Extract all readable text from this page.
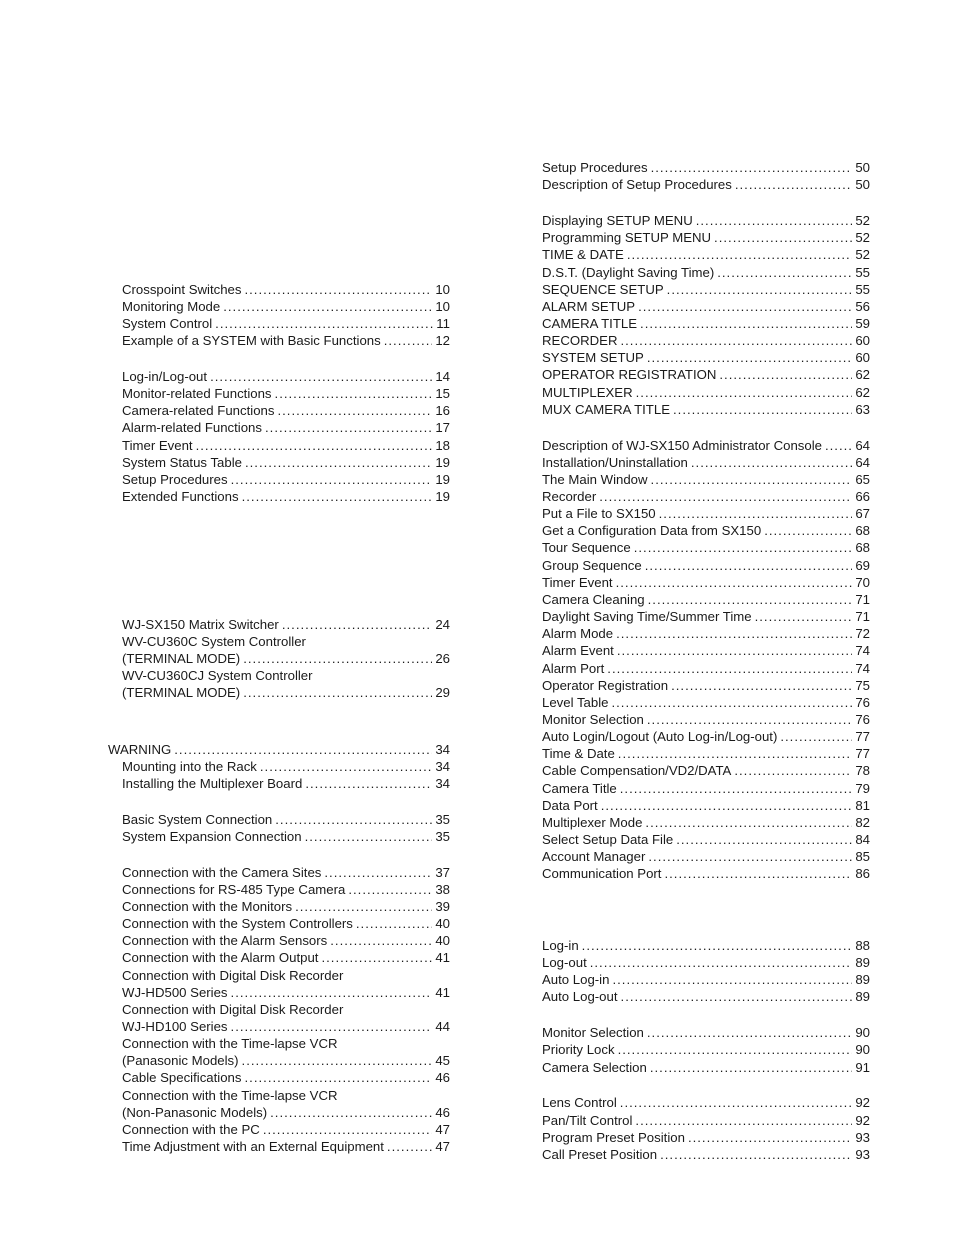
Crosspoint Switches .....	10
Monitoring Mode .....	10
System Control .....	11
Example of a SYSTEM with Basic Functions .....	12
Log-in/Log-out .....	14
Monitor-related Functions .....	15
Camera-related Functions .....	16
Alarm-related Functions .....	17
Timer Event .....	18
System Status Table .....	19
Setup Procedures .....	19
Extended Functions .....	19
WJ-SX150 Matrix Switcher .....	24
WV-CU360C System Controller
(TERMINAL MODE) .....	26
WV-CU360CJ System Controller
(TERMINAL MODE) .....	29
WARNING .....	34
Mounting into the Rack .....	34
Installing the Multiplexer Board .....	34
Basic System Connection .....	35
System Expansion Connection .....	35
Connection with the Camera Sites .....	37
Connections for RS-485 Type Camera .....	38
Connection with the Monitors .....	39
Connection with the System Controllers .....	40
Connection with the Alarm Sensors .....	40
Connection with the Alarm Output .....	41
Connection with Digital Disk Recorder
WJ-HD500 Series .....	41
Connection with Digital Disk Recorder
WJ-HD100 Series .....	44
Connection with the Time-lapse VCR
(Panasonic Models) .....	45
Cable Specifications .....	46
Connection with the Time-lapse VCR
(Non-Panasonic Models) .....	46
Connection with the PC .....	47
Time Adjustment with an External Equipment .....	47
Setup Procedures .....	50
Description of Setup Procedures .....	50
Displaying SETUP MENU .....	52
Programming SETUP MENU .....	52
TIME & DATE .....	52
D.S.T. (Daylight Saving Time) .....	55
SEQUENCE SETUP .....	55
ALARM SETUP .....	56
CAMERA TITLE .....	59
RECORDER .....	60
SYSTEM SETUP .....	60
OPERATOR REGISTRATION .....	62
MULTIPLEXER .....	62
MUX CAMERA TITLE .....	63
Description of WJ-SX150 Administrator Console .....	64
Installation/Uninstallation .....	64
The Main Window .....	65
Recorder .....	66
Put a File to SX150 .....	67
Get a Configuration Data from SX150 .....	68
Tour Sequence .....	68
Group Sequence .....	69
Timer Event .....	70
Camera Cleaning .....	71
Daylight Saving Time/Summer Time .....	71
Alarm Mode .....	72
Alarm Event .....	74
Alarm Port .....	74
Operator Registration .....	75
Level Table .....	76
Monitor Selection .....	76
Auto Login/Logout (Auto Log-in/Log-out) .....	77
Time & Date .....	77
Cable Compensation/VD2/DATA .....	78
Camera Title .....	79
Data Port .....	81
Multiplexer Mode .....	82
Select Setup Data File .....	84
Account Manager .....	85
Communication Port .....	86
Log-in .....	88
Log-out .....	89
Auto Log-in .....	89
Auto Log-out .....	89
Monitor Selection .....	90
Priority Lock .....	90
Camera Selection .....	91
Lens Control .....	92
Pan/Tilt Control .....	92
Program Preset Position .....	93
Call Preset Position .....	93
